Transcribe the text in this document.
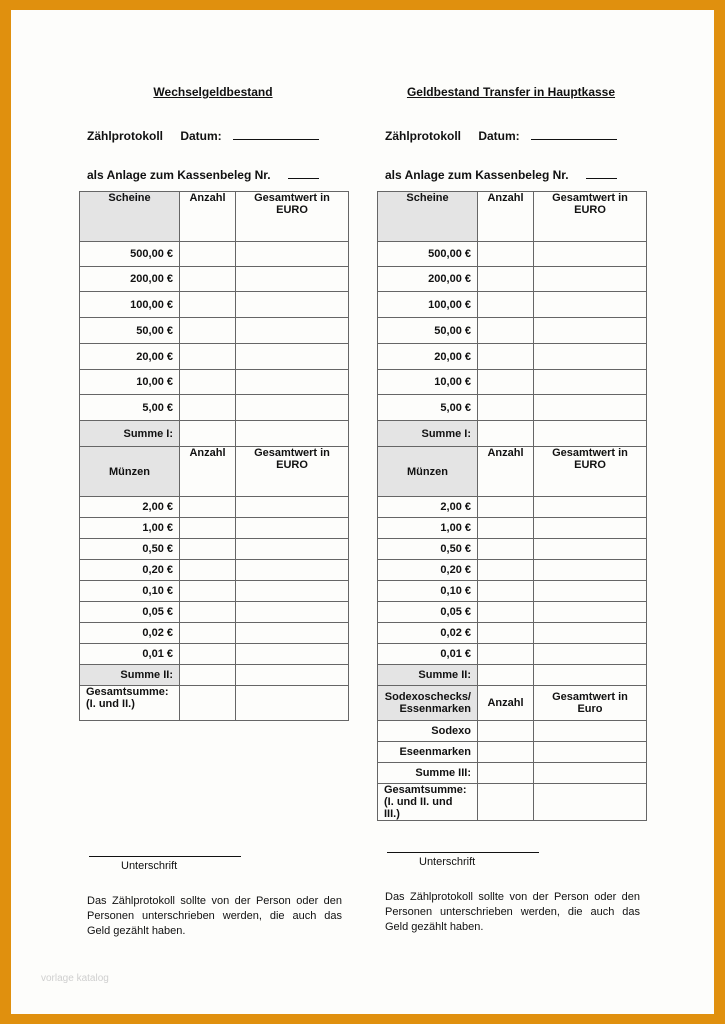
Wechselgeldbestand
Zählprotokoll Datum:
als Anlage zum Kassenbeleg Nr.
Scheine	Anzahl	Gesamtwert in EURO
500,00 €		
200,00 €		
100,00 €		
50,00 €		
20,00 €		
10,00 €		
5,00 €		
Summe I:		
Münzen	Anzahl	Gesamtwert in EURO
2,00 €		
1,00 €		
0,50 €		
0,20 €		
0,10 €		
0,05 €		
0,02 €		
0,01 €		
Summe II:		

Gesamtsumme:
(I. und II.)		

Unterschrift
Das Zählprotokoll sollte von der Person oder den Personen unterschrieben werden, die auch das Geld gezählt haben.
Geldbestand Transfer in Hauptkasse
Zählprotokoll Datum:
als Anlage zum Kassenbeleg Nr.
Scheine	Anzahl	Gesamtwert in EURO
500,00 €		
200,00 €		
100,00 €		
50,00 €		
20,00 €		
10,00 €		
5,00 €		
Summe I:		
Münzen	Anzahl	Gesamtwert in EURO
2,00 €		
1,00 €		
0,50 €		
0,20 €		
0,10 €		
0,05 €		
0,02 €		
0,01 €		
Summe II:		

Sodexoschecks/
Essenmarken	Anzahl	Gesamtwert in Euro
Sodexo		
Eseenmarken		
Summe III:		

Gesamtsumme:
(I. und II. und III.)		

Unterschrift
Das Zählprotokoll sollte von der Person oder den Personen unterschrieben werden, die auch das Geld gezählt haben.
vorlage katalog
